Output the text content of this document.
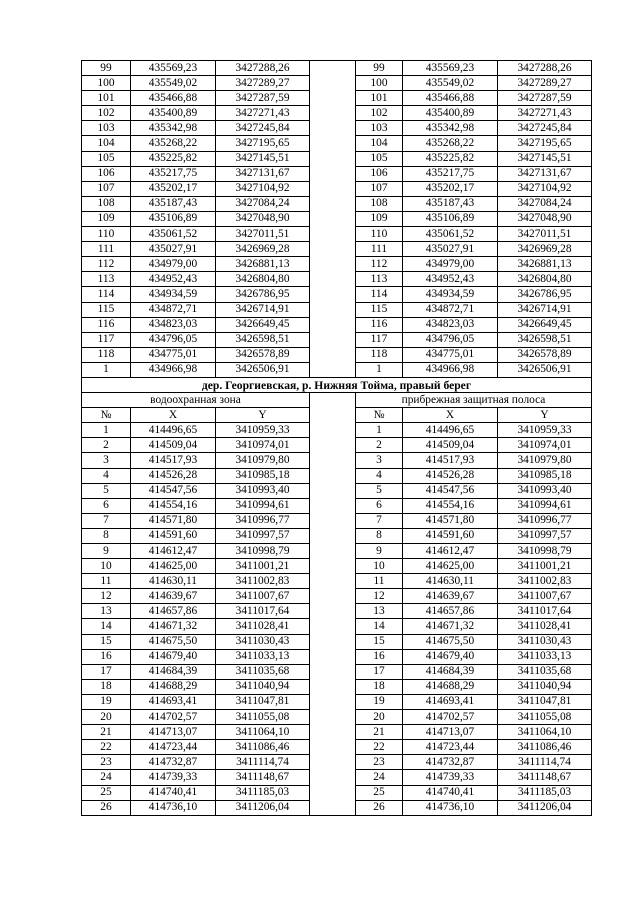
99	435569,23	3427288,26		99	435569,23	3427288,26
100	435549,02	3427289,27		100	435549,02	3427289,27
101	435466,88	3427287,59		101	435466,88	3427287,59
102	435400,89	3427271,43		102	435400,89	3427271,43
103	435342,98	3427245,84		103	435342,98	3427245,84
104	435268,22	3427195,65		104	435268,22	3427195,65
105	435225,82	3427145,51		105	435225,82	3427145,51
106	435217,75	3427131,67		106	435217,75	3427131,67
107	435202,17	3427104,92		107	435202,17	3427104,92
108	435187,43	3427084,24		108	435187,43	3427084,24
109	435106,89	3427048,90		109	435106,89	3427048,90
110	435061,52	3427011,51		110	435061,52	3427011,51
111	435027,91	3426969,28		111	435027,91	3426969,28
112	434979,00	3426881,13		112	434979,00	3426881,13
113	434952,43	3426804,80		113	434952,43	3426804,80
114	434934,59	3426786,95		114	434934,59	3426786,95
115	434872,71	3426714,91		115	434872,71	3426714,91
116	434823,03	3426649,45		116	434823,03	3426649,45
117	434796,05	3426598,51		117	434796,05	3426598,51
118	434775,01	3426578,89		118	434775,01	3426578,89
1	434966,98	3426506,91		1	434966,98	3426506,91
дер. Георгиевская, р. Нижняя Тойма, правый берег						
водоохранная зона				прибрежная защитная полоса		
№	X	Y		№	X	Y
1	414496,65	3410959,33		1	414496,65	3410959,33
2	414509,04	3410974,01		2	414509,04	3410974,01
3	414517,93	3410979,80		3	414517,93	3410979,80
4	414526,28	3410985,18		4	414526,28	3410985,18
5	414547,56	3410993,40		5	414547,56	3410993,40
6	414554,16	3410994,61		6	414554,16	3410994,61
7	414571,80	3410996,77		7	414571,80	3410996,77
8	414591,60	3410997,57		8	414591,60	3410997,57
9	414612,47	3410998,79		9	414612,47	3410998,79
10	414625,00	3411001,21		10	414625,00	3411001,21
11	414630,11	3411002,83		11	414630,11	3411002,83
12	414639,67	3411007,67		12	414639,67	3411007,67
13	414657,86	3411017,64		13	414657,86	3411017,64
14	414671,32	3411028,41		14	414671,32	3411028,41
15	414675,50	3411030,43		15	414675,50	3411030,43
16	414679,40	3411033,13		16	414679,40	3411033,13
17	414684,39	3411035,68		17	414684,39	3411035,68
18	414688,29	3411040,94		18	414688,29	3411040,94
19	414693,41	3411047,81		19	414693,41	3411047,81
20	414702,57	3411055,08		20	414702,57	3411055,08
21	414713,07	3411064,10		21	414713,07	3411064,10
22	414723,44	3411086,46		22	414723,44	3411086,46
23	414732,87	3411114,74		23	414732,87	3411114,74
24	414739,33	3411148,67		24	414739,33	3411148,67
25	414740,41	3411185,03		25	414740,41	3411185,03
26	414736,10	3411206,04		26	414736,10	3411206,04
